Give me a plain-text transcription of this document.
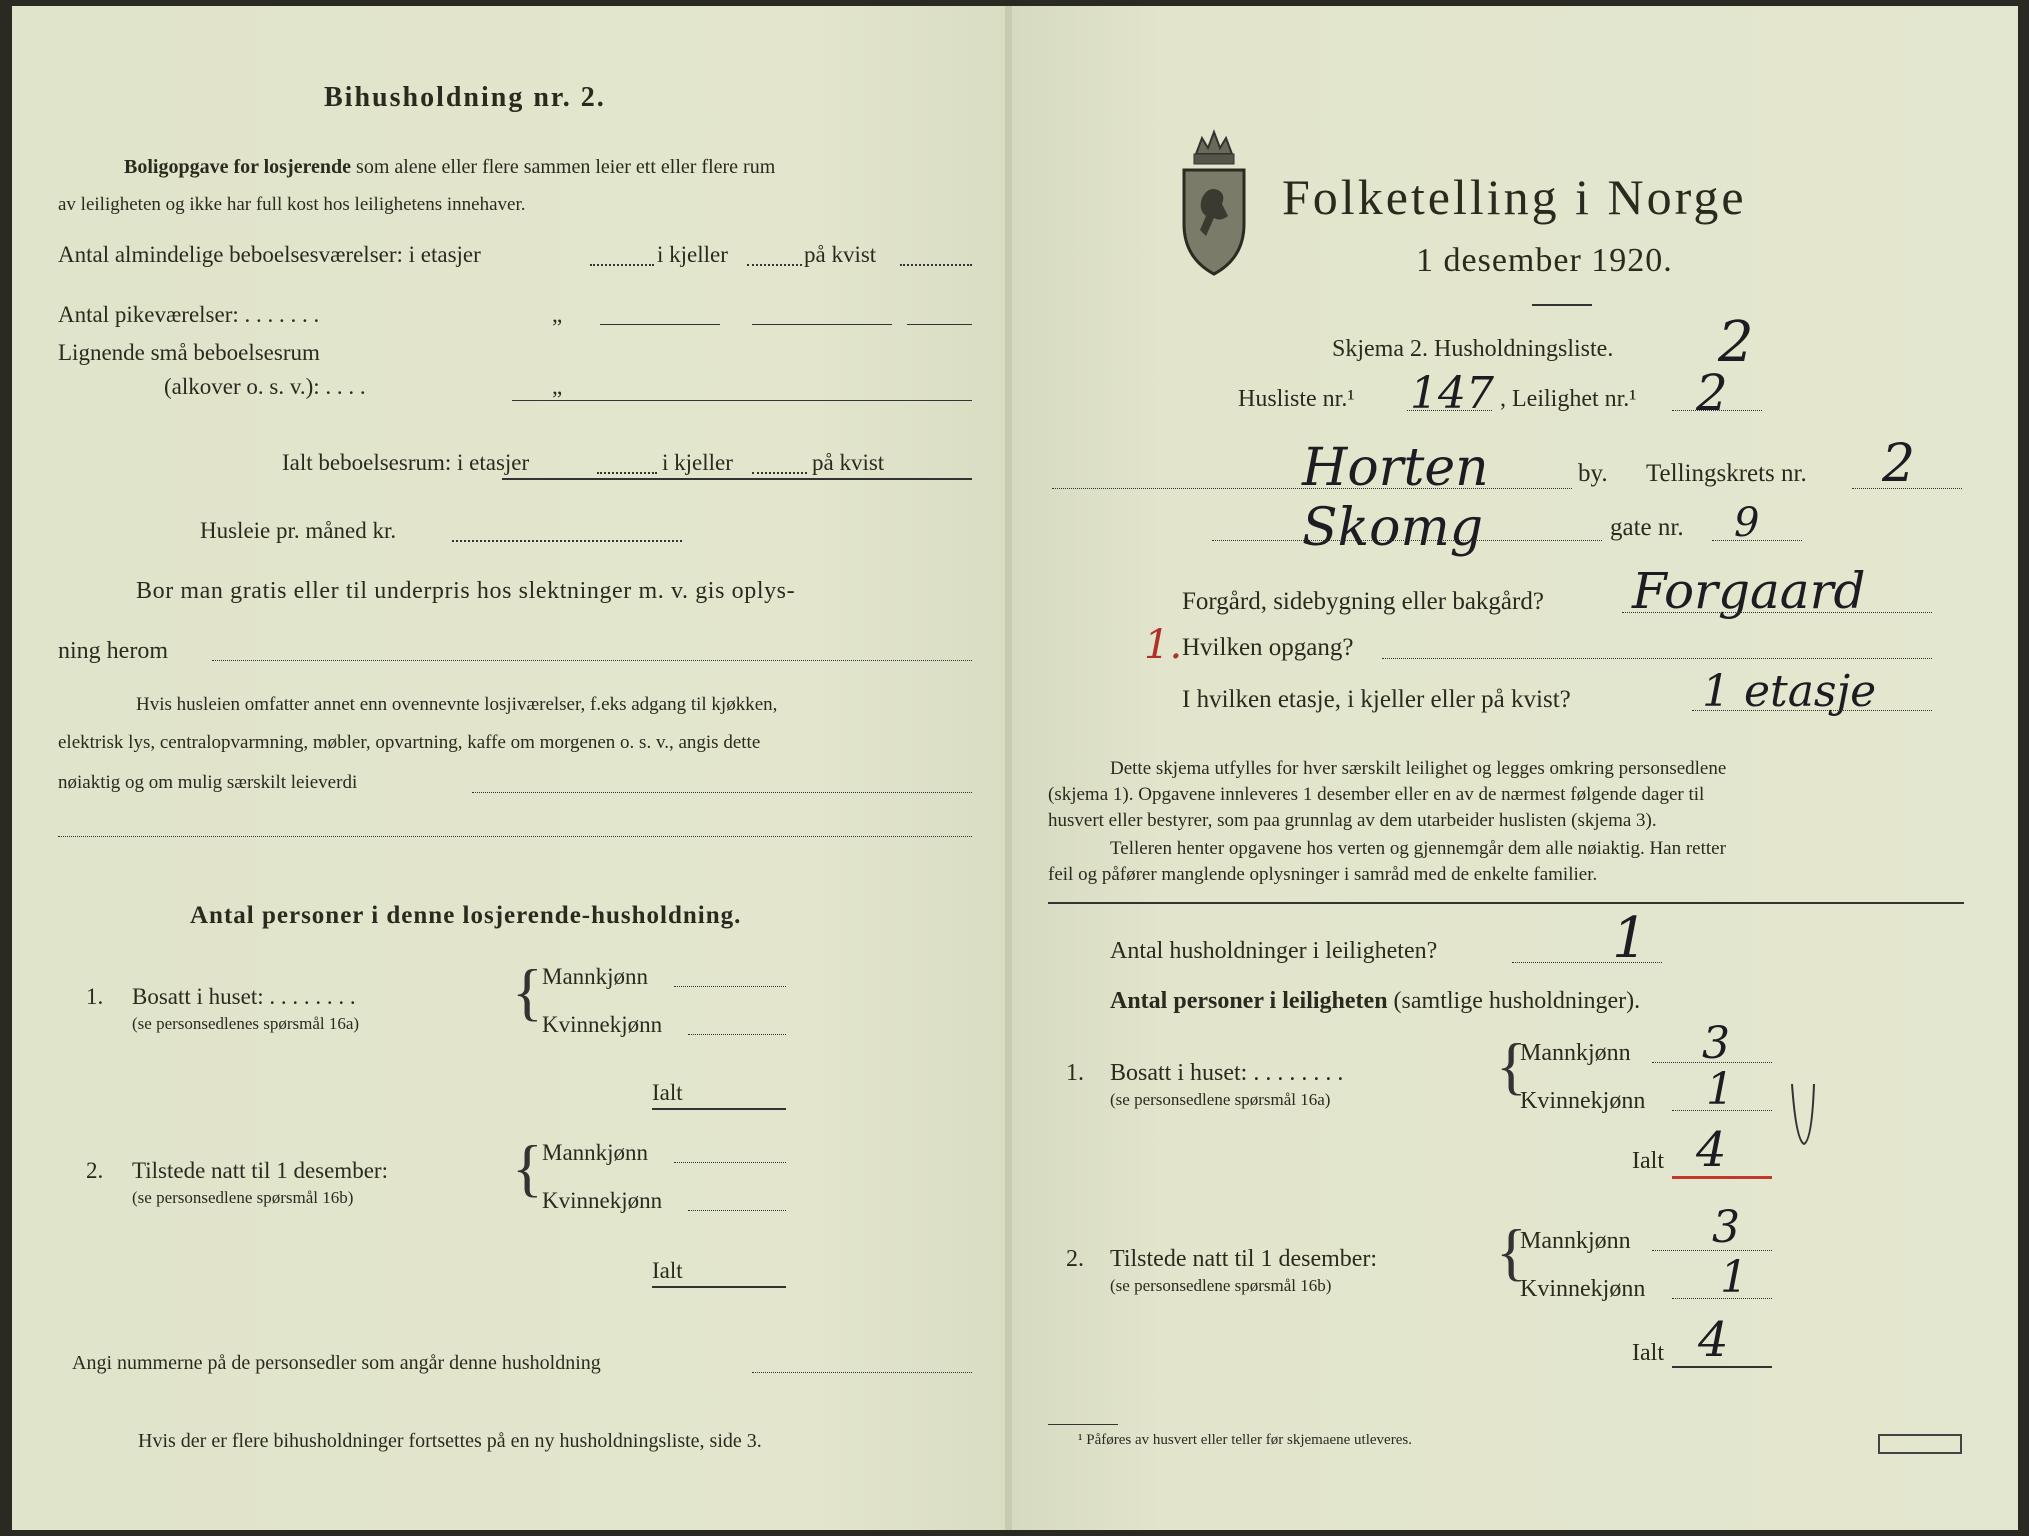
Bihusholdning nr. 2.
Boligopgave for losjerende som alene eller flere sammen leier ett eller flere rum
av leiligheten og ikke har full kost hos leilighetens innehaver.
Antal almindelige beboelsesværelser: i etasjer	i kjeller	på kvist
Antal pikeværelser: . . . . . . .	„
Lignende små beboelsesrum
(alkover o. s. v.): . . . .	„
Ialt beboelsesrum: i etasjer	i kjeller	på kvist
Husleie pr. måned kr.
Bor man gratis eller til underpris hos slektninger m. v. gis oplys-
ning herom
Hvis husleien omfatter annet enn ovennevnte losjiværelser, f.eks adgang til kjøkken,
elektrisk lys, centralopvarmning, møbler, opvartning, kaffe om morgenen o. s. v., angis dette
nøiaktig og om mulig særskilt leieverdi
Antal personer i denne losjerende-husholdning.
1. Bosatt i huset: . . . . . . . .
(se personsedlenes spørsmål 16a) { Mannkjønn
Kvinnekjønn
Ialt
2. Tilstede natt til 1 desember:
(se personsedlene spørsmål 16b) { Mannkjønn
Kvinnekjønn
Ialt
Angi nummerne på de personsedler som angår denne husholdning
Hvis der er flere bihusholdninger fortsettes på en ny husholdningsliste, side 3.
Folketelling i Norge
1 desember 1920.
Skjema 2. Husholdningsliste. 2
Husliste nr.¹ 147 , Leilighet nr.¹ 2
Horten	by. Tellingskrets nr. 2
Skomg	gate nr. 9
Forgård, sidebygning eller bakgård? Forgaard
1. Hvilken opgang?
I hvilken etasje, i kjeller eller på kvist?	1 etasje
Dette skjema utfylles for hver særskilt leilighet og legges omkring personsedlene
(skjema 1). Opgavene innleveres 1 desember eller en av de nærmest følgende dager til
husvert eller bestyrer, som paa grunnlag av dem utarbeider huslisten (skjema 3).
Telleren henter opgavene hos verten og gjennemgår dem alle nøiaktig. Han retter
feil og påfører manglende oplysninger i samråd med de enkelte familier.
Antal husholdninger i leiligheten?	1
Antal personer i leiligheten (samtlige husholdninger).
1. Bosatt i huset: . . . . . . . .
(se personsedlene spørsmål 16a)	{
Mannkjønn 3
Kvinnekjønn 1
Ialt 4
2. Tilstede natt til 1 desember:
(se personsedlene spørsmål 16b)	{
Mannkjønn 3
Kvinnekjønn 1
Ialt 4
¹ Påføres av husvert eller teller før skjemaene utleveres.
